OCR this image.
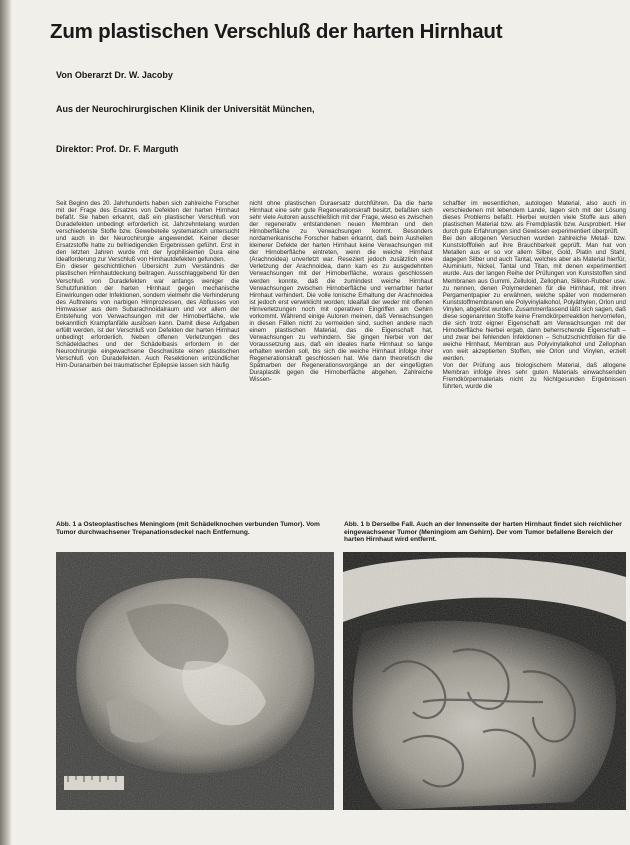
Zum plastischen Verschluß der harten Hirnhaut
Von Oberarzt Dr. W. Jacoby
Aus der Neurochirurgischen Klinik der Universität München,
Direktor: Prof. Dr. F. Marguth

Seit Beginn des 20. Jahrhunderts haben sich zahlreiche Forscher mit der Frage des Ersatzes von Defekten der harten Hirnhaut befaßt. Sie haben erkannt, daß ein plastischer Verschluß von Duradefekten unbedingt erforderlich ist. Jahrzehntelang wurden verschiedenste Stoffe bzw. Gewebeteile systematisch untersucht und auch in der Neurochirurgie angewendet. Keiner dieser Ersatzstoffe hatte zu befriedigenden Ergebnissen geführt. Erst in den letzten Jahren wurde mit der lyophilisierten Dura eine Idealforderung zur Verschluß von Hirnhautdefekten gefunden.

Ein dieser geschichtlichen Übersicht zum Verständnis der plastischen Hirnhautdeckung beitragen. Ausschlaggebend für den Verschluß von Duradefekten war anfangs weniger die Schutzfunktion der harten Hirnhaut gegen mechanische Einwirkungen oder Infektionen, sondern vielmehr die Verhinderung des Auftretens von narbigen Hirnprozessen, des Abflusses von Hirnwasser aus dem Subarachnoidalraum und vor allem der Entstehung von Verwachsungen mit der Hirnoberfläche, wie bekanntlich Krampfanfälle auslösen kann. Damit diese Aufgaben erfüllt werden, ist der Verschluß von Defekten der harten Hirnhaut unbedingt erforderlich. Neben offenen Verletzungen des Schädeldaches und der Schädelbasis erfordern in der Neurochirurgie eingewachsene Geschwülste einen plastischen Verschluß von Duradefekten. Auch Resektionen entzündlicher Hirn-Duranarben bei traumatischer Epilepsie lassen sich häufig

nicht ohne plastischen Duraersatz durchführen. Da die harte Hirnhaut eine sehr gute Regenerationskraft besitzt, befaßten sich sehr viele Autoren ausschließlich mit der Frage, wieso es zwischen der regenerativ entstandenen neuen Membran und den Hirnoberfläche zu Verwachsungen kommt. Besonders nordamerikanische Forscher haben erkannt, daß beim Ausheilen kleinerer Defekte der harten Hirnhaut keine Verwachsungen mit der Hirnoberfläche eintreten, wenn die weiche Hirnhaut (Arachnoidea) unverletzt war. Reseziert jedoch zusätzlich eine Verletzung der Arachnoidea, dann kam es zu ausgedehnten Verwachsungen mit der Hirnoberfläche, woraus geschlossen werden konnte, daß die zumindest weiche Hirnhaut Verwachsungen zwischen Hirnoberfläche und vernarbter harter Hirnhaut verhindert. Die volle lonische Erhaltung der Arachnoidea ist jedoch erst verwirklicht worden; Idealfall der weder mit offenen Hirnverletzungen noch mit operativen Eingriffen am Gehirn vorkommt. Während einige Autoren meinen, daß Verwachsungen in diesen Fällen nicht zu vermeiden sind, suchen andere nach einem plastischen Material, das die Eigenschaft hat, Verwachsungen zu verhindern. Sie gingen hierbei von der Voraussetzung aus, daß ein ideales harte Hirnhaut so lange erhalten werden soll, bis sich die weiche Hirnhaut infolge ihrer Regenerationskraft geschlossen hat. Wie dann theoretisch die Spätnarben der Regenerationsvorgänge an der eingefügten Duraplastik gegen die Hirnoberfläche abgehen. Zahlreiche Wissen-

schaftler im wesentlichen, autologen Material, also auch in verschiedenen mit lebendem Lande, lagen sich mit der Lösung dieses Problems befaßt. Hierbei wurden viele Stoffe aus allen plastischen Material bzw. als Fremdplastik bzw. Ausprobiert. Hier durch gute Erfahrungen sind Gewissen experimentiert überprüft.

Bei den allogenen Versuchen wurden zahlreiche Metall- bzw. Kunststofffolien auf ihre Brauchbarkeit geprüft. Man hat von Metallen aus er so vor allem Silber, Gold, Platin und Stahl, dagegen Silber und auch Tantal, welches aber als Material hierfür, Aluminium, Nickel, Tantal und Titan, mit denen experimentiert wurde. Aus der langen Reihe der Prüfungen von Kunststoffen sind Membranen aus Gummi, Zelluloid, Zellophan, Silikon-Rubber usw. zu nennen, denen Polymerdenen für die Hirnhaut, mit ihren Pergamentpapier zu erwähnen, welche später von moderneren Kunststoffmembranen wie Polyvinylalkohol, Polyäthylen, Orlon und Vinylen, abgelöst wurden. Zusammenfassend läßt sich sagen, daß diese sogenannten Stoffe keine Fremdkörperreaktion hervorriefen, die sich trotz eigner Eigenschaft am Verwachsungen mit der Hirnoberfläche hierbei ergab, dann beherrschende Eigenschaft – und zwar bei fehlenden Infektionen – Schutzschichtfolien für die weiche Hirnhaut, Membran aus Polyvinylalkohol und Zellophan von weit akzeptierten Stoffen, wie Orlon und Vinylen, erzielt werden.

Von der Prüfung aus biologischem Material, daß allogene Membran infolge ihres sehr guten Materials einwachsenden Fremdkörpermaterials nicht zu Nichtgesunden Ergebnissen führten, wurde die

Abb. 1 a Osteoplastisches Meningiom (mit Schädelknochen verbunden Tumor). Vom Tumor durchwachsener Trepanationsdeckel nach Entfernung.
Abb. 1 b Derselbe Fall. Auch an der Innenseite der harten Hirnhaut findet sich reichlicher eingewachsener Tumor (Meningiom am Gehirn). Der vom Tumor befallene Bereich der harten Hirnhaut wird entfernt.
